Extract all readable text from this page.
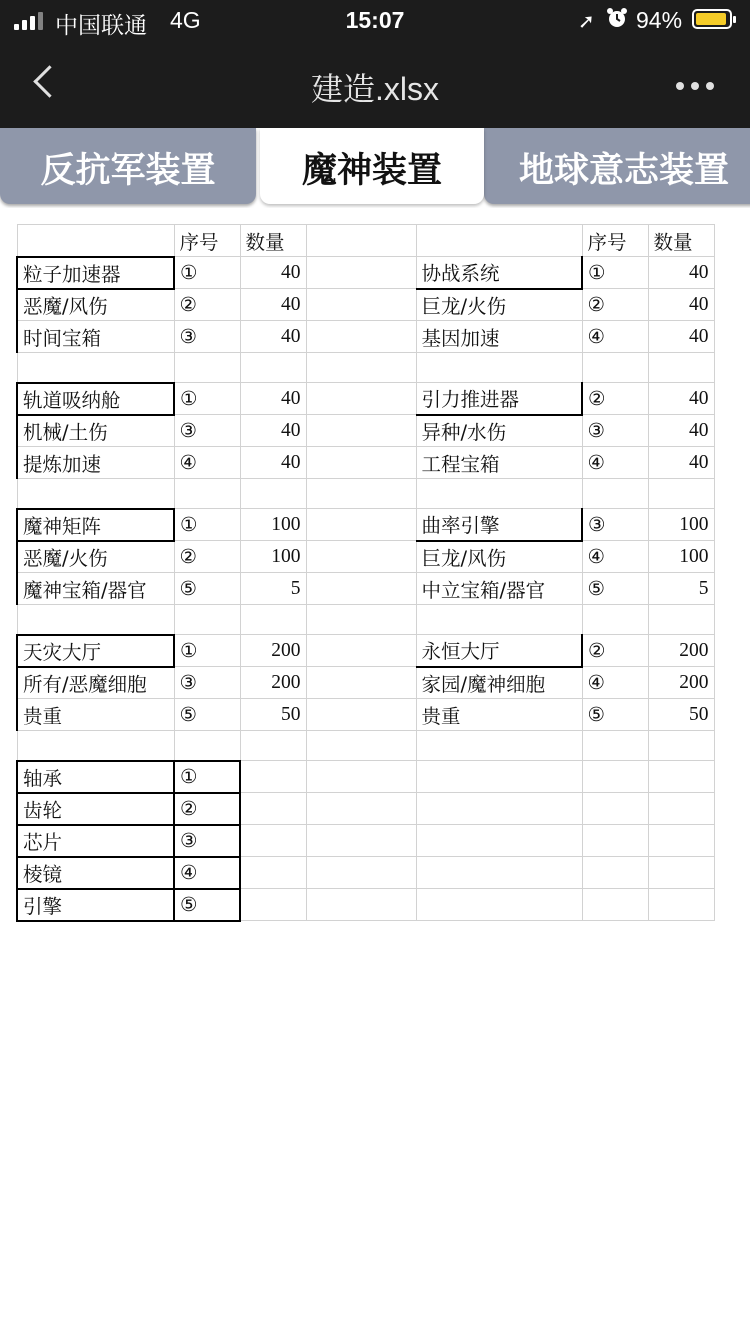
中国联通 4G	15:07	➚ 94%
建造.xlsx
反抗军装置	地球意志装置
魔神装置
	序号	数量			序号	数量
粒子加速器	①	40		协战系统	①	40
恶魔/风伤	②	40		巨龙/火伤	②	40
时间宝箱	③	40		基因加速	④	40

轨道吸纳舱	①	40		引力推进器	②	40
机械/土伤	③	40		异种/水伤	③	40
提炼加速	④	40		工程宝箱	④	40

魔神矩阵	①	100		曲率引擎	③	100
恶魔/火伤	②	100		巨龙/风伤	④	100
魔神宝箱/器官	⑤	5		中立宝箱/器官	⑤	5

天灾大厅	①	200		永恒大厅	②	200
所有/恶魔细胞	③	200		家园/魔神细胞	④	200
贵重	⑤	50		贵重	⑤	50

轴承	①					
齿轮	②					
芯片	③					
棱镜	④					
引擎	⑤					
